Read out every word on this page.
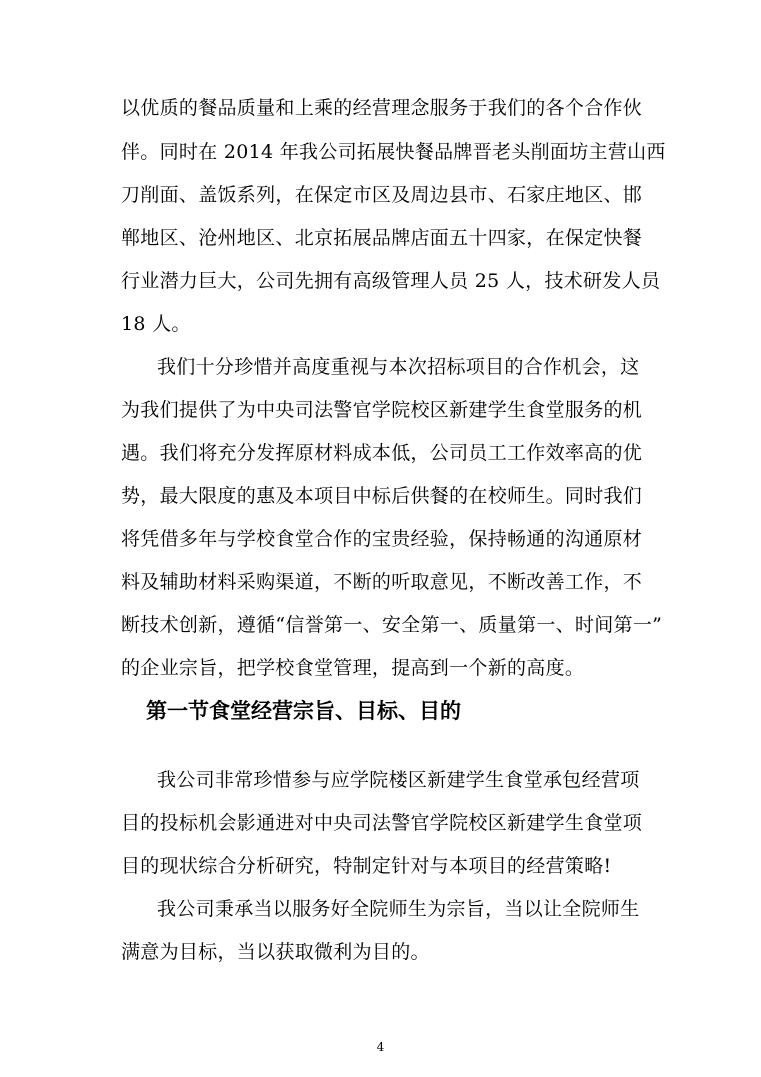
以优质的餐品质量和上乘的经营理念服务于我们的各个合作伙
伴。同时在 2014 年我公司拓展快餐品牌晋老头削面坊主营山西
刀削面、盖饭系列，在保定市区及周边县市、石家庄地区、邯
郸地区、沧州地区、北京拓展品牌店面五十四家，在保定快餐
行业潜力巨大，公司先拥有高级管理人员 25 人，技术研发人员
18 人。
我们十分珍惜并高度重视与本次招标项目的合作机会，这
为我们提供了为中央司法警官学院校区新建学生食堂服务的机
遇。我们将充分发挥原材料成本低，公司员工工作效率高的优
势，最大限度的惠及本项目中标后供餐的在校师生。同时我们
将凭借多年与学校食堂合作的宝贵经验，保持畅通的沟通原材
料及辅助材料采购渠道，不断的听取意见，不断改善工作，不
断技术创新，遵循“信誉第一、安全第一、质量第一、时间第一”
的企业宗旨，把学校食堂管理，提高到一个新的高度。
第一节食堂经营宗旨、目标、目的
我公司非常珍惜参与应学院楼区新建学生食堂承包经营项
目的投标机会影通进对中央司法警官学院校区新建学生食堂项
目的现状综合分析研究，特制定针对与本项目的经营策略!
我公司秉承当以服务好全院师生为宗旨，当以让全院师生
满意为目标，当以获取微利为目的。
4
